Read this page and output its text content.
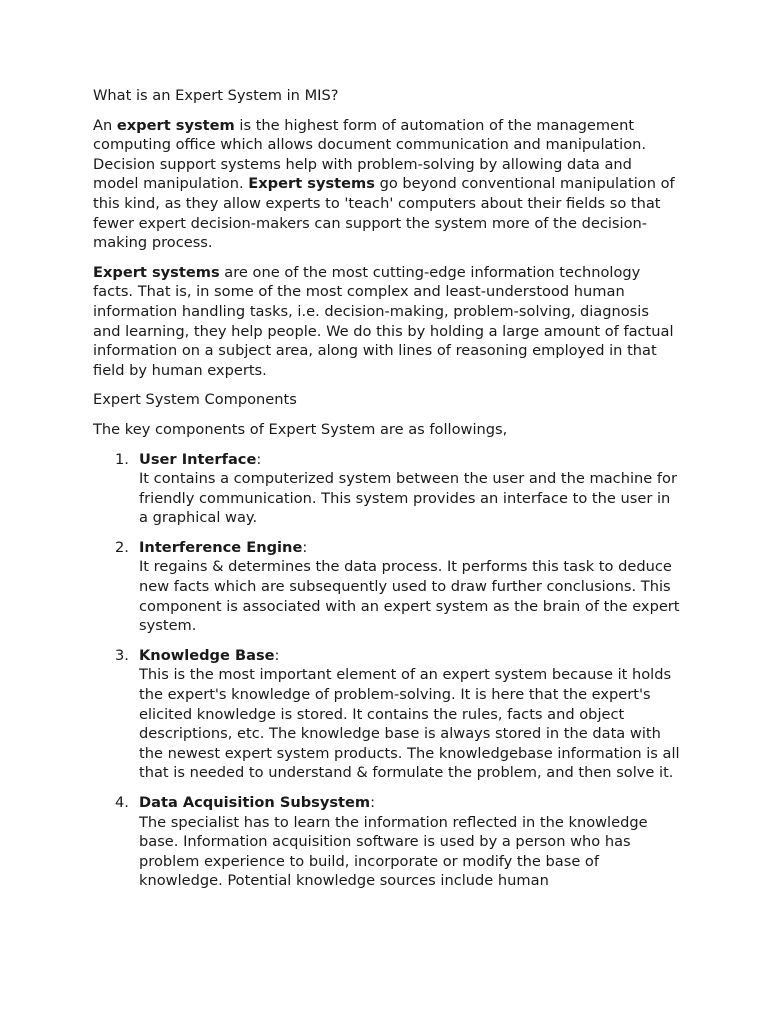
What is an Expert System in MIS?

An expert system is the highest form of automation of the management computing office which allows document communication and manipulation. Decision support systems help with problem-solving by allowing data and model manipulation. Expert systems go beyond conventional manipulation of this kind, as they allow experts to 'teach' computers about their fields so that fewer expert decision-makers can support the system more of the decision-making process.

Expert systems are one of the most cutting-edge information technology facts. That is, in some of the most complex and least-understood human information handling tasks, i.e. decision-making, problem-solving, diagnosis and learning, they help people. We do this by holding a large amount of factual information on a subject area, along with lines of reasoning employed in that field by human experts.

Expert System Components

The key components of Expert System are as followings,

1. User Interface:
It contains a computerized system between the user and the machine for friendly communication. This system provides an interface to the user in a graphical way.
2. Interference Engine:
It regains & determines the data process. It performs this task to deduce new facts which are subsequently used to draw further conclusions. This component is associated with an expert system as the brain of the expert system.
3. Knowledge Base:
This is the most important element of an expert system because it holds the expert's knowledge of problem-solving. It is here that the expert's elicited knowledge is stored. It contains the rules, facts and object descriptions, etc. The knowledge base is always stored in the data with the newest expert system products. The knowledgebase information is all that is needed to understand & formulate the problem, and then solve it.
4. Data Acquisition Subsystem:
The specialist has to learn the information reflected in the knowledge base. Information acquisition software is used by a person who has problem experience to build, incorporate or modify the base of knowledge. Potential knowledge sources include human
